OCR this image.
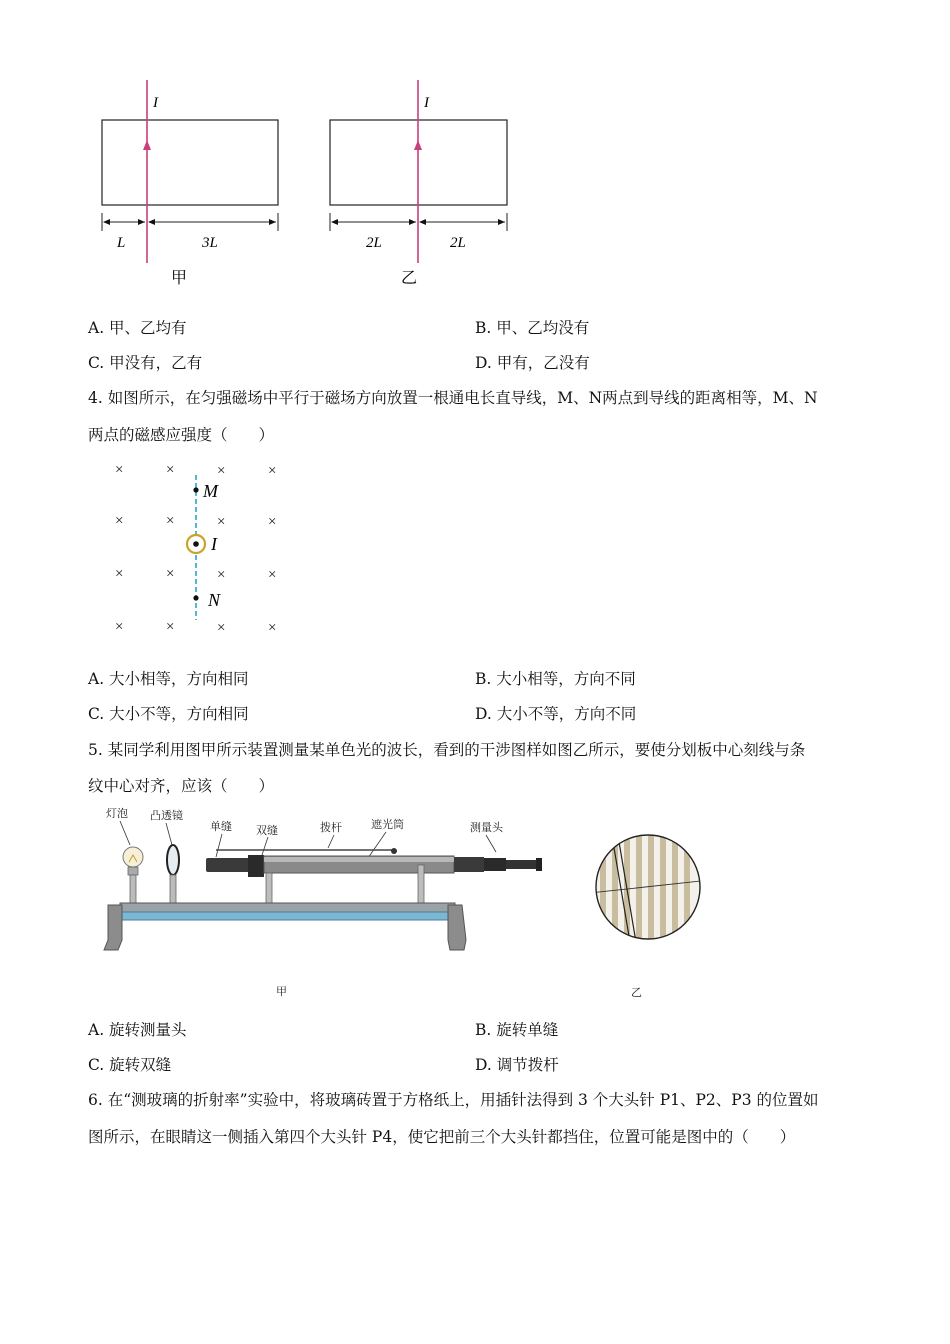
I
L	3L
甲
I
2L	2L
乙
A. 甲、乙均有	B. 甲、乙均没有
C. 甲没有，乙有	D. 甲有，乙没有
4. 如图所示，在匀强磁场中平行于磁场方向放置一根通电长直导线，M、N两点到导线的距离相等，M、N
两点的磁感应强度（　　）
×	×	×	×
×	×	×	×
×	×	×	×
×	×	×	×
M
I
N
A. 大小相等，方向相同	B. 大小相等，方向不同
C. 大小不等，方向相同	D. 大小不等，方向不同
5. 某同学利用图甲所示装置测量某单色光的波长，看到的干涉图样如图乙所示，要使分划板中心刻线与条
纹中心对齐，应该（　　）
灯泡 凸透镜
单缝 双缝	拨杆	遮光筒	测量头
甲	乙
A. 旋转测量头	B. 旋转单缝
C. 旋转双缝	D. 调节拨杆
6. 在“测玻璃的折射率”实验中，将玻璃砖置于方格纸上，用插针法得到 3 个大头针 P1、P2、P3 的位置如
图所示，在眼睛这一侧插入第四个大头针 P4，使它把前三个大头针都挡住，位置可能是图中的（　　）
